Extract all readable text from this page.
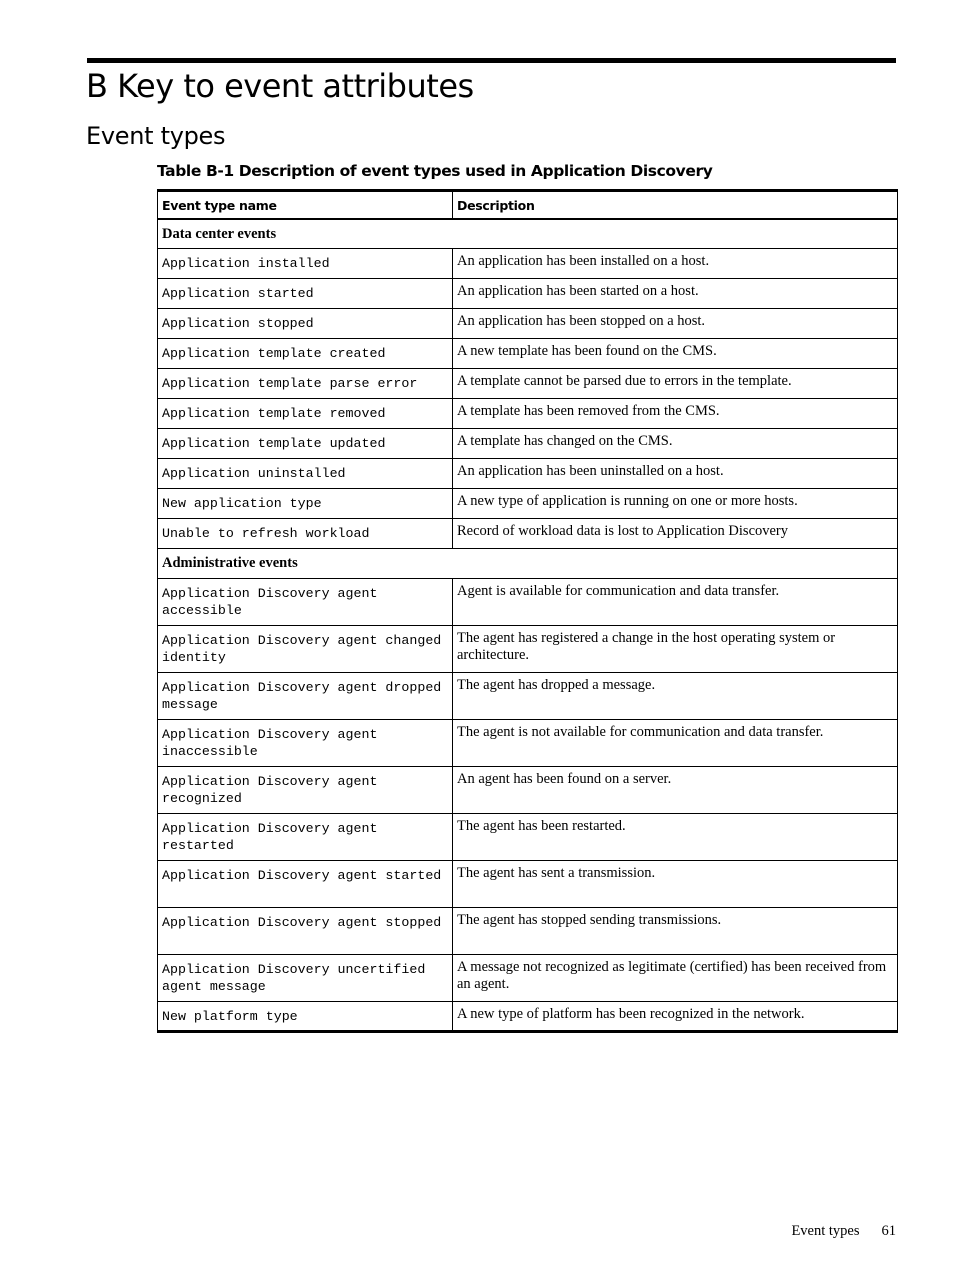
B Key to event attributes
Event types
Table B-1 Description of event types used in Application Discovery
Event type name	Description
Data center events	
Application installed	An application has been installed on a host.
Application started	An application has been started on a host.
Application stopped	An application has been stopped on a host.
Application template created	A new template has been found on the CMS.
Application template parse error	A template cannot be parsed due to errors in the template.
Application template removed	A template has been removed from the CMS.
Application template updated	A template has changed on the CMS.
Application uninstalled	An application has been uninstalled on a host.
New application type	A new type of application is running on one or more hosts.
Unable to refresh workload	Record of workload data is lost to Application Discovery
Administrative events	
Application Discovery agent accessible	Agent is available for communication and data transfer.
Application Discovery agent changed identity	The agent has registered a change in the host operating system or architecture.
Application Discovery agent dropped message	The agent has dropped a message.
Application Discovery agent inaccessible	The agent is not available for communication and data transfer.
Application Discovery agent recognized	An agent has been found on a server.
Application Discovery agent restarted	The agent has been restarted.
Application Discovery agent started	The agent has sent a transmission.
Application Discovery agent stopped	The agent has stopped sending transmissions.
Application Discovery uncertified agent message	A message not recognized as legitimate (certified) has been received from an agent.
New platform type	A new type of platform has been recognized in the network.
Event types 61
